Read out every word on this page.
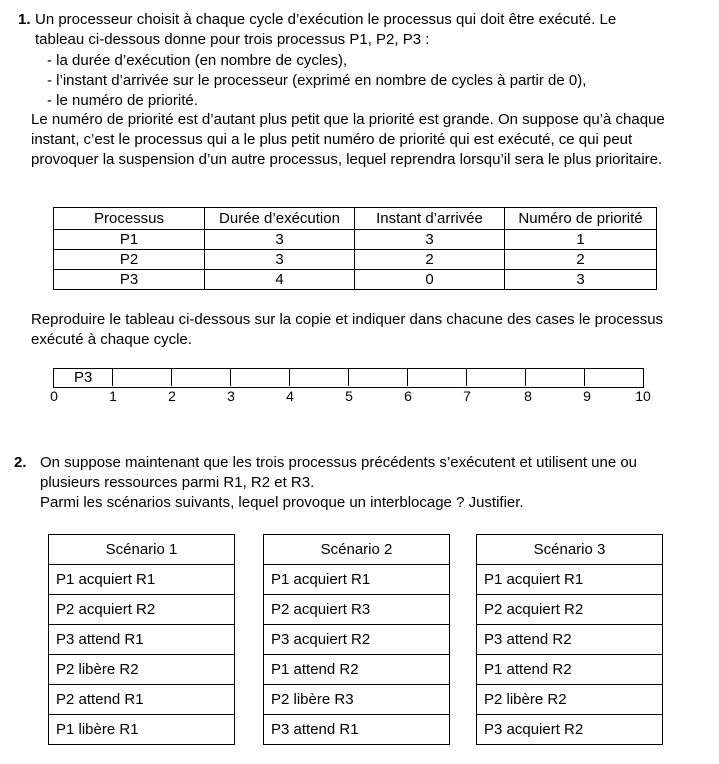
1. Un processeur choisit à chaque cycle d’exécution le processus qui doit être exécuté. Le
tableau ci-dessous donne pour trois processus P1, P2, P3 :
- la durée d’exécution (en nombre de cycles),
- l’instant d’arrivée sur le processeur (exprimé en nombre de cycles à partir de 0),
- le numéro de priorité.
Le numéro de priorité est d’autant plus petit que la priorité est grande. On suppose qu’à chaque
instant, c’est le processus qui a le plus petit numéro de priorité qui est exécuté, ce qui peut
provoquer la suspension d’un autre processus, lequel reprendra lorsqu’il sera le plus prioritaire.
Processus	Durée d’exécution	Instant d’arrivée	Numéro de priorité
P1	3	3	1
P2	3	2	2
P3	4	0	3
Reproduire le tableau ci-dessous sur la copie et indiquer dans chacune des cases le processus
exécuté à chaque cycle.
P3
0	1	2	3	4	5	6	7	8	9	10
2. On suppose maintenant que les trois processus précédents s’exécutent et utilisent une ou
plusieurs ressources parmi R1, R2 et R3.
Parmi les scénarios suivants, lequel provoque un interblocage ? Justifier.
Scénario 1
P1 acquiert R1
P2 acquiert R2
P3 attend R1
P2 libère R2
P2 attend R1
P1 libère R1
Scénario 2
P1 acquiert R1
P2 acquiert R3
P3 acquiert R2
P1 attend R2
P2 libère R3
P3 attend R1
Scénario 3
P1 acquiert R1
P2 acquiert R2
P3 attend R2
P1 attend R2
P2 libère R2
P3 acquiert R2
